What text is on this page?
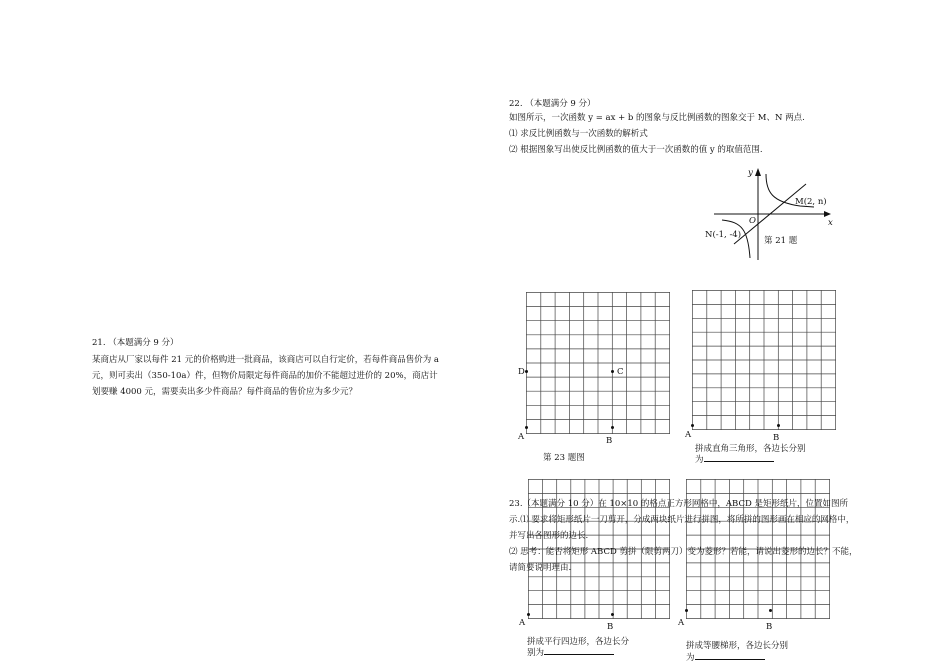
21. （本题满分 9 分）
某商店从厂家以每件 21 元的价格购进一批商品，该商店可以自行定价，若每件商品售价为 a 元，则可卖出（350-10a）件，但物价局限定每件商品的加价不能超过进价的 20%，商店计划要赚 4000 元，需要卖出多少件商品？每件商品的售价应为多少元？
22. （本题满分 9 分）
如图所示，一次函数 y = ax + b 的图象与反比例函数的图象交于 M、N 两点.
⑴ 求反比例函数与一次函数的解析式
⑵ 根据图象写出使反比例函数的值大于一次函数的值 y 的取值范围.
y
x
O
M(2, n)
N(-1, -4)
第 21 题
D	C
A	B
第 23 题图
A	B
拼成直角三角形，各边长分别
为
A	B
拼成平行四边形，各边长分
别为
A	B
拼成等腰梯形，各边长分别
为
23.（本题满分 10 分）在 10×10 的格点正方形网格中，ABCD 是矩形纸片，位置如图所示.⑴ 要求将矩形纸片一刀剪开，分成两块纸片进行拼图，将所拼的图形画在相应的网格中，并写出各图形的边长.
⑵ 思考：能否将矩形 ABCD 剪拼（限剪两刀）变为菱形？若能，请说出菱形的边长？不能，请简要说明理由.
